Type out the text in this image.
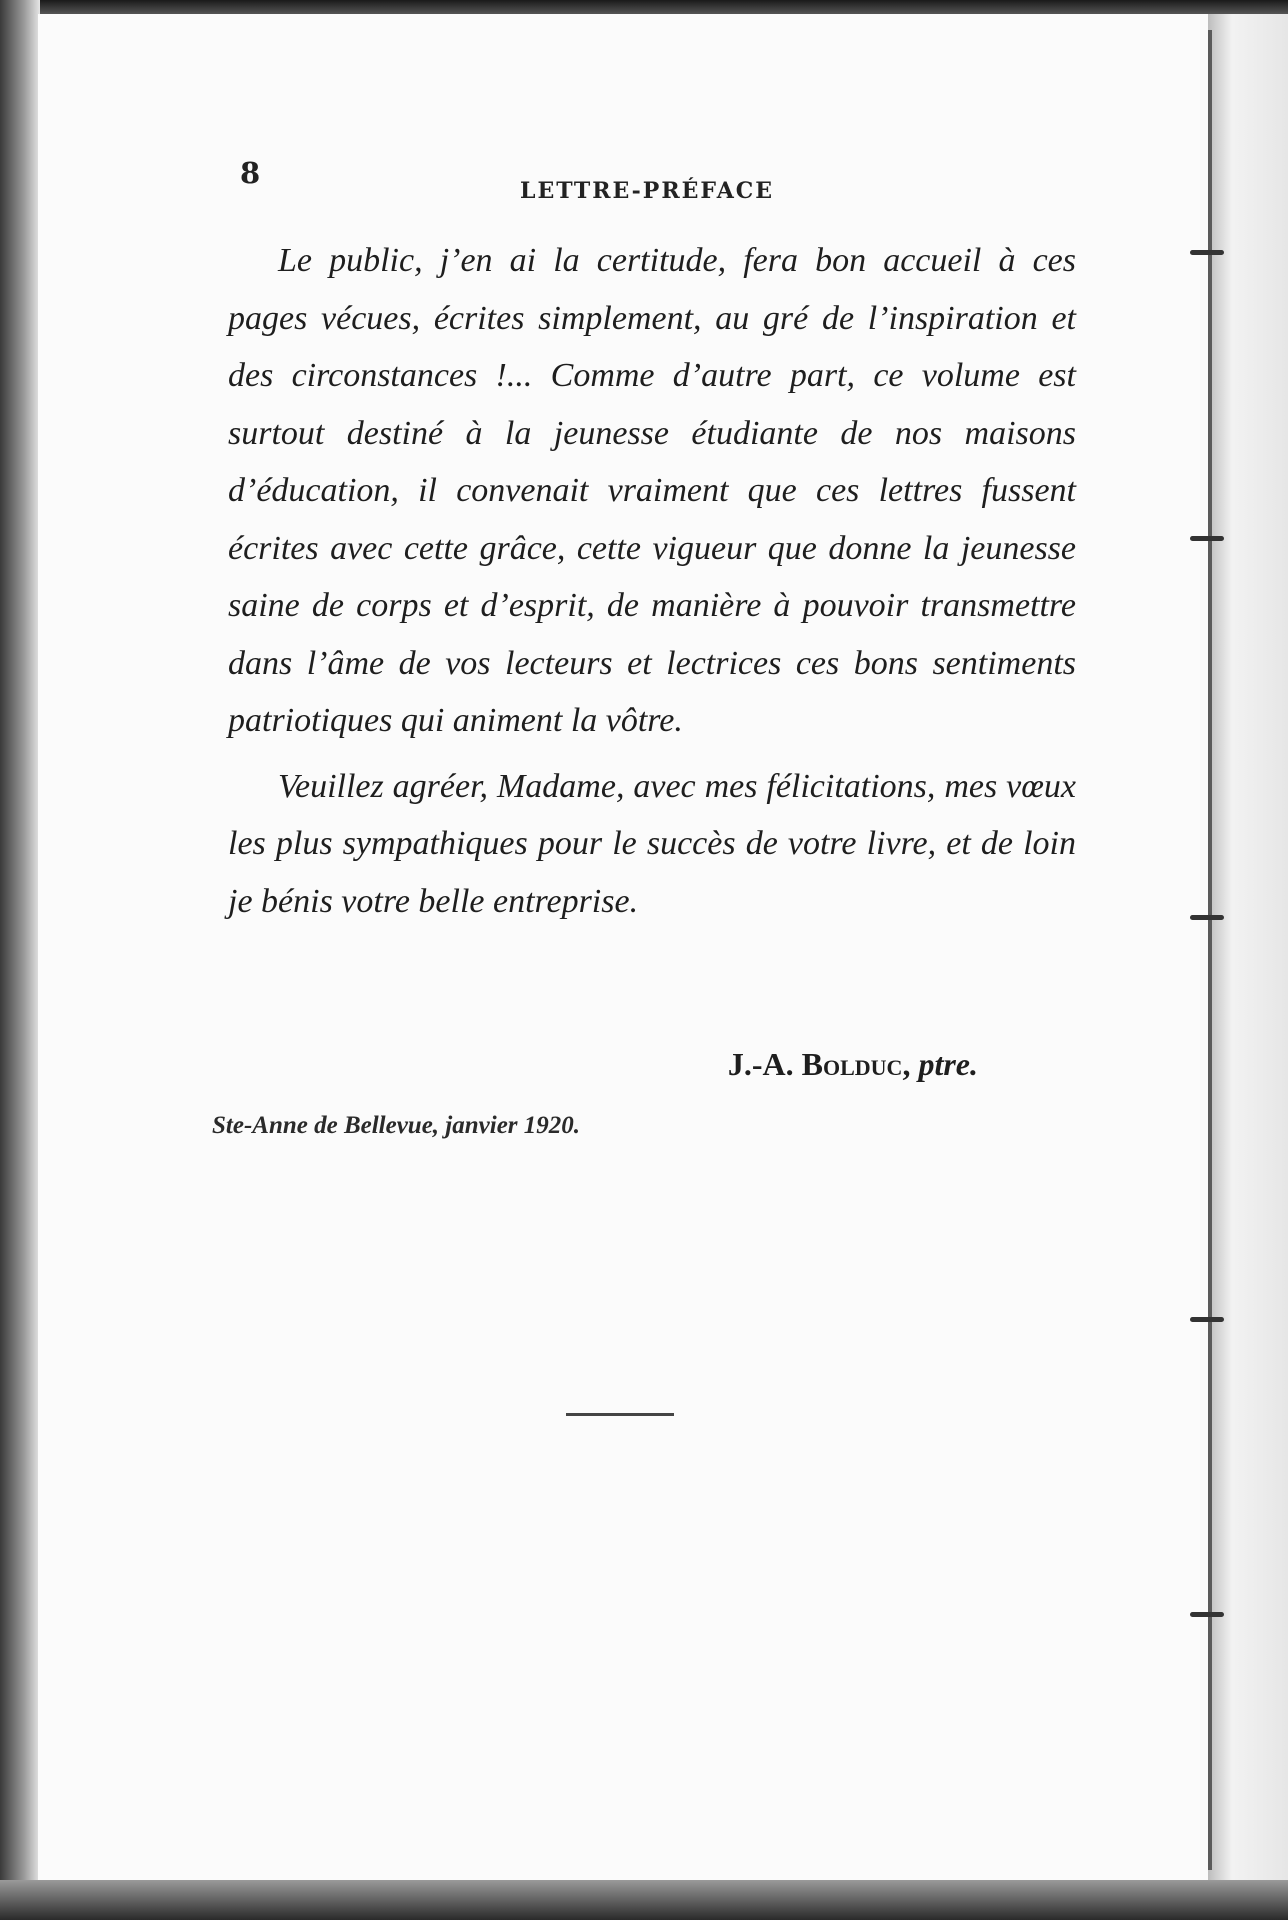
8
LETTRE-PRÉFACE

Le public, j’en ai la certitude, fera bon accueil à ces pages vécues, écrites simplement, au gré de l’inspiration et des circonstances !... Comme d’autre part, ce volume est surtout destiné à la jeunesse étudiante de nos maisons d’éducation, il convenait vraiment que ces lettres fussent écrites avec cette grâce, cette vigueur que donne la jeunesse saine de corps et d’esprit, de manière à pouvoir transmettre dans l’âme de vos lecteurs et lectrices ces bons sentiments patriotiques qui animent la vôtre.

Veuillez agréer, Madame, avec mes félicitations, mes vœux les plus sympathiques pour le succès de votre livre, et de loin je bénis votre belle entreprise.

J.-A. Bolduc, ptre.
Ste-Anne de Bellevue, janvier 1920.
